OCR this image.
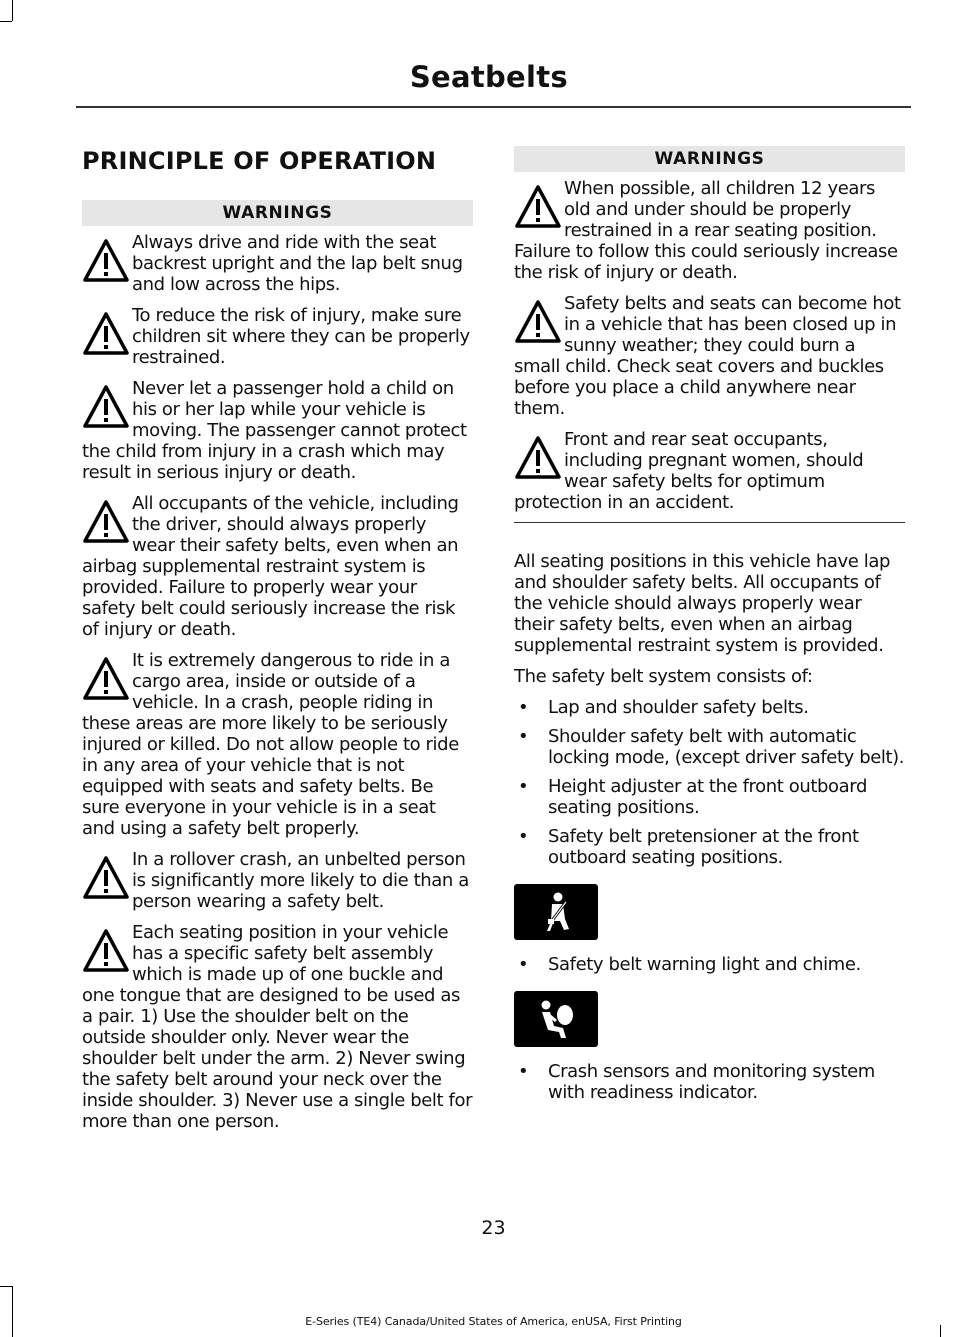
Seatbelts
PRINCIPLE OF OPERATION
WARNINGS

Always drive and ride with the seat backrest upright and the lap belt snug and low across the hips.

To reduce the risk of injury, make sure children sit where they can be properly restrained.

Never let a passenger hold a child on his or her lap while your vehicle is moving. The passenger cannot protect the child from injury in a crash which may result in serious injury or death.

All occupants of the vehicle, including the driver, should always properly wear their safety belts, even when an airbag supplemental restraint system is provided. Failure to properly wear your safety belt could seriously increase the risk of injury or death.

It is extremely dangerous to ride in a cargo area, inside or outside of a vehicle. In a crash, people riding in these areas are more likely to be seriously injured or killed. Do not allow people to ride in any area of your vehicle that is not equipped with seats and safety belts. Be sure everyone in your vehicle is in a seat and using a safety belt properly.

In a rollover crash, an unbelted person is significantly more likely to die than a person wearing a safety belt.

Each seating position in your vehicle has a specific safety belt assembly which is made up of one buckle and one tongue that are designed to be used as a pair. 1) Use the shoulder belt on the outside shoulder only. Never wear the shoulder belt under the arm. 2) Never swing the safety belt around your neck over the inside shoulder. 3) Never use a single belt for more than one person.

WARNINGS

When possible, all children 12 years old and under should be properly restrained in a rear seating position. Failure to follow this could seriously increase the risk of injury or death.

Safety belts and seats can become hot in a vehicle that has been closed up in sunny weather; they could burn a small child. Check seat covers and buckles before you place a child anywhere near them.

Front and rear seat occupants, including pregnant women, should wear safety belts for optimum protection in an accident.

All seating positions in this vehicle have lap and shoulder safety belts. All occupants of the vehicle should always properly wear their safety belts, even when an airbag supplemental restraint system is provided.

The safety belt system consists of:

• Lap and shoulder safety belts.
• Shoulder safety belt with automatic locking mode, (except driver safety belt).
• Height adjuster at the front outboard seating positions.
• Safety belt pretensioner at the front outboard seating positions.
• Safety belt warning light and chime.
• Crash sensors and monitoring system with readiness indicator.
23
E-Series (TE4) Canada/United States of America, enUSA, First Printing
